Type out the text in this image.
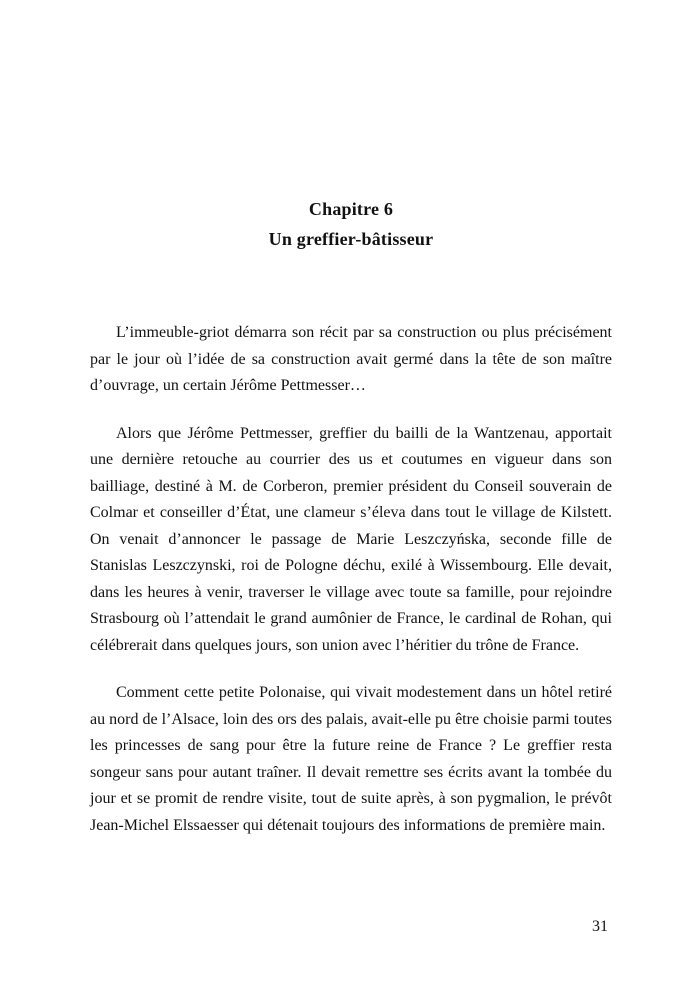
Chapitre 6
Un greffier-bâtisseur

L’immeuble-griot démarra son récit par sa construction ou plus précisément par le jour où l’idée de sa construction avait germé dans la tête de son maître d’ouvrage, un certain Jérôme Pettmesser…

Alors que Jérôme Pettmesser, greffier du bailli de la Wantzenau, apportait une dernière retouche au courrier des us et coutumes en vigueur dans son bailliage, destiné à M. de Corberon, premier président du Conseil souverain de Colmar et conseiller d’État, une clameur s’éleva dans tout le village de Kilstett. On venait d’annoncer le passage de Marie Leszczyńska, seconde fille de Stanislas Leszczynski, roi de Pologne déchu, exilé à Wissembourg. Elle devait, dans les heures à venir, traverser le village avec toute sa famille, pour rejoindre Strasbourg où l’attendait le grand aumônier de France, le cardinal de Rohan, qui célébrerait dans quelques jours, son union avec l’héritier du trône de France.

Comment cette petite Polonaise, qui vivait modestement dans un hôtel retiré au nord de l’Alsace, loin des ors des palais, avait-elle pu être choisie parmi toutes les princesses de sang pour être la future reine de France ? Le greffier resta songeur sans pour autant traîner. Il devait remettre ses écrits avant la tombée du jour et se promit de rendre visite, tout de suite après, à son pygmalion, le prévôt Jean-Michel Elssaesser qui détenait toujours des informations de première main.

31
